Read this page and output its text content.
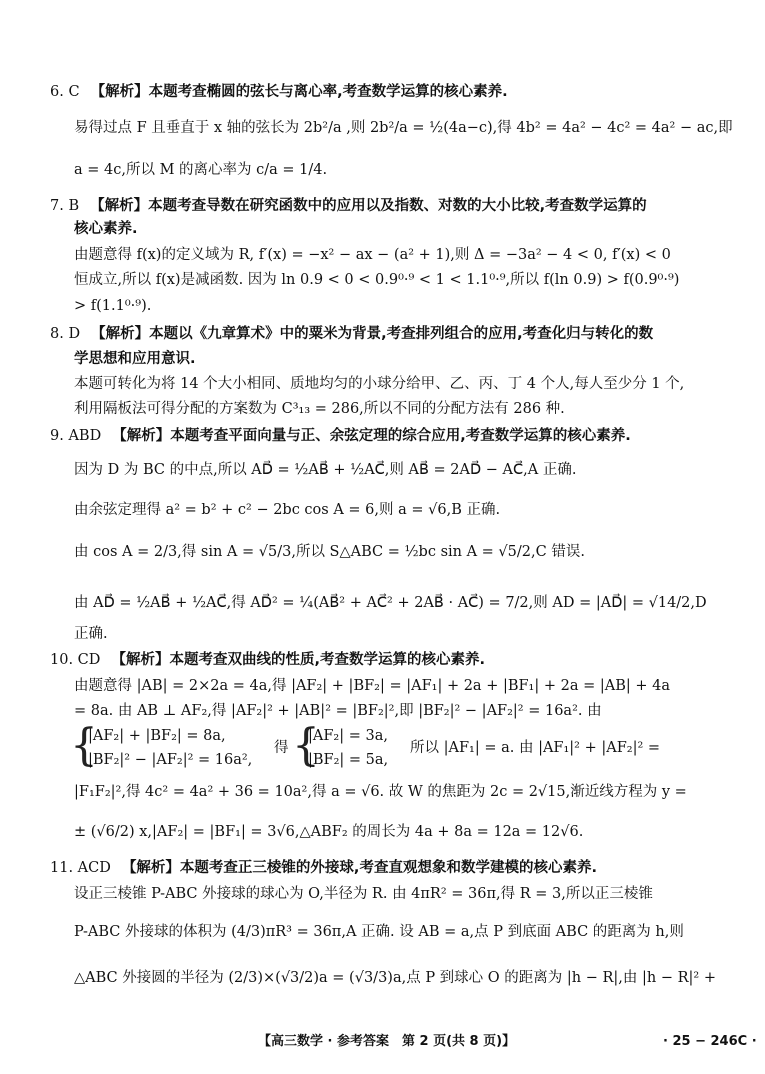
6. C 【解析】本题考查椭圆的弦长与离心率,考查数学运算的核心素养.
易得过点 F 且垂直于 x 轴的弦长为 2b²/a ,则 2b²/a = ½(4a−c),得 4b² = 4a² − 4c² = 4a² − ac,即
a = 4c,所以 M 的离心率为 c/a = 1/4.
7. B 【解析】本题考查导数在研究函数中的应用以及指数、对数的大小比较,考查数学运算的
核心素养.
由题意得 f(x)的定义域为 R, f′(x) = −x² − ax − (a² + 1),则 Δ = −3a² − 4 < 0, f′(x) < 0
恒成立,所以 f(x)是减函数. 因为 ln 0.9 < 0 < 0.9⁰·⁹ < 1 < 1.1⁰·⁹,所以 f(ln 0.9) > f(0.9⁰·⁹)
> f(1.1⁰·⁹).
8. D 【解析】本题以《九章算术》中的粟米为背景,考查排列组合的应用,考查化归与转化的数
学思想和应用意识.
本题可转化为将 14 个大小相同、质地均匀的小球分给甲、乙、丙、丁 4 个人,每人至少分 1 个,
利用隔板法可得分配的方案数为 C³₁₃ = 286,所以不同的分配方法有 286 种.
9. ABD 【解析】本题考查平面向量与正、余弦定理的综合应用,考查数学运算的核心素养.
因为 D 为 BC 的中点,所以 AD⃗ = ½AB⃗ + ½AC⃗,则 AB⃗ = 2AD⃗ − AC⃗,A 正确.
由余弦定理得 a² = b² + c² − 2bc cos A = 6,则 a = √6,B 正确.
由 cos A = 2/3,得 sin A = √5/3,所以 S△ABC = ½bc sin A = √5/2,C 错误.
由 AD⃗ = ½AB⃗ + ½AC⃗,得 AD⃗² = ¼(AB⃗² + AC⃗² + 2AB⃗ · AC⃗) = 7/2,则 AD = |AD⃗| = √14/2,D
正确.
10. CD 【解析】本题考查双曲线的性质,考查数学运算的核心素养.
由题意得 |AB| = 2×2a = 4a,得 |AF₂| + |BF₂| = |AF₁| + 2a + |BF₁| + 2a = |AB| + 4a
= 8a. 由 AB ⊥ AF₂,得 |AF₂|² + |AB|² = |BF₂|²,即 |BF₂|² − |AF₂|² = 16a². 由
{
|AF₂| + |BF₂| = 8a,
|BF₂|² − |AF₂|² = 16a²,
得 {
|AF₂| = 3a,
|BF₂| = 5a,
所以 |AF₁| = a. 由 |AF₁|² + |AF₂|² =
|F₁F₂|²,得 4c² = 4a² + 36 = 10a²,得 a = √6. 故 W 的焦距为 2c = 2√15,渐近线方程为 y =
± (√6/2) x,|AF₂| = |BF₁| = 3√6,△ABF₂ 的周长为 4a + 8a = 12a = 12√6.
11. ACD 【解析】本题考查正三棱锥的外接球,考查直观想象和数学建模的核心素养.
设正三棱锥 P-ABC 外接球的球心为 O,半径为 R. 由 4πR² = 36π,得 R = 3,所以正三棱锥
P-ABC 外接球的体积为 (4/3)πR³ = 36π,A 正确. 设 AB = a,点 P 到底面 ABC 的距离为 h,则
△ABC 外接圆的半径为 (2/3)×(√3/2)a = (√3/3)a,点 P 到球心 O 的距离为 |h − R|,由 |h − R|² +
【高三数学 · 参考答案　第 2 页(共 8 页)】	· 25 − 246C ·
